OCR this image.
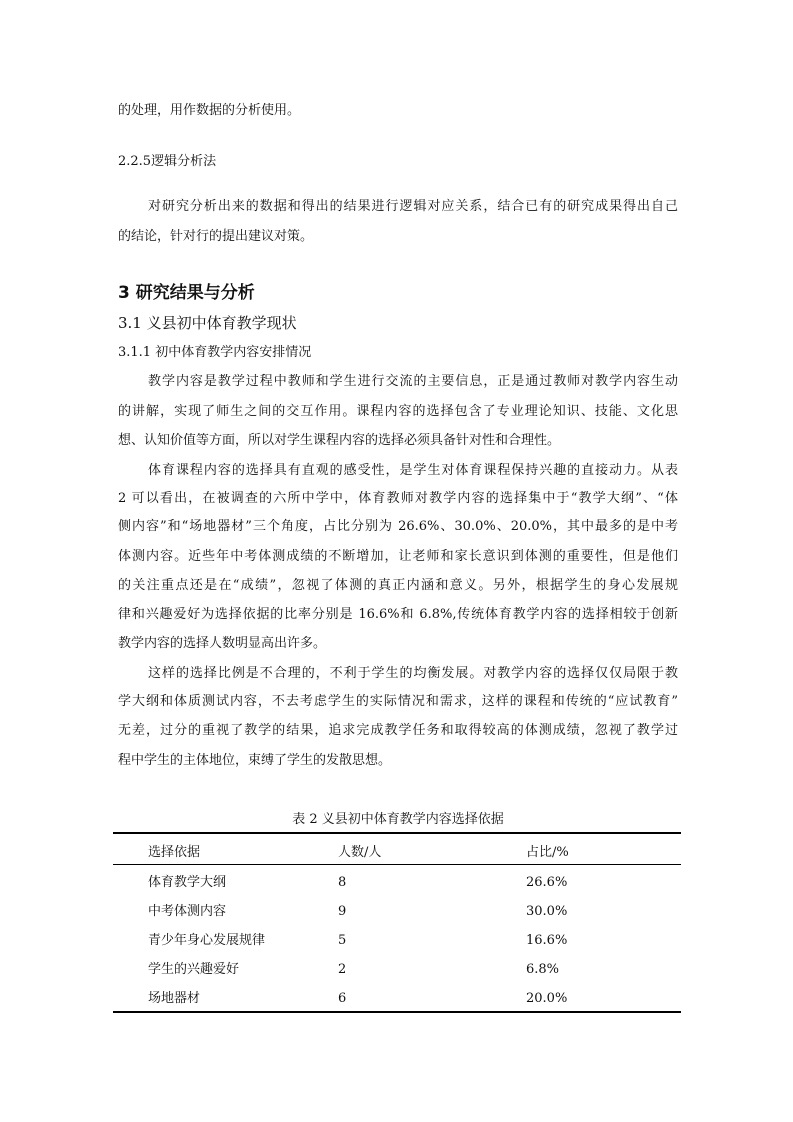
的处理，用作数据的分析使用。
2.2.5逻辑分析法
对研究分析出来的数据和得出的结果进行逻辑对应关系，结合已有的研究成果得出自己
的结论，针对行的提出建议对策。
3 研究结果与分析
3.1 义县初中体育教学现状
3.1.1 初中体育教学内容安排情况
教学内容是教学过程中教师和学生进行交流的主要信息，正是通过教师对教学内容生动
的讲解，实现了师生之间的交互作用。课程内容的选择包含了专业理论知识、技能、文化思
想、认知价值等方面，所以对学生课程内容的选择必须具备针对性和合理性。
体育课程内容的选择具有直观的感受性，是学生对体育课程保持兴趣的直接动力。从表
2 可以看出，在被调查的六所中学中，体育教师对教学内容的选择集中于“教学大纲”、“体
侧内容”和“场地器材”三个角度，占比分别为 26.6%、30.0%、20.0%，其中最多的是中考
体测内容。近些年中考体测成绩的不断增加，让老师和家长意识到体测的重要性，但是他们
的关注重点还是在“成绩”，忽视了体测的真正内涵和意义。另外，根据学生的身心发展规
律和兴趣爱好为选择依据的比率分别是 16.6%和 6.8%,传统体育教学内容的选择相较于创新
教学内容的选择人数明显高出许多。
这样的选择比例是不合理的，不利于学生的均衡发展。对教学内容的选择仅仅局限于教
学大纲和体质测试内容，不去考虑学生的实际情况和需求，这样的课程和传统的“应试教育”
无差，过分的重视了教学的结果，追求完成教学任务和取得较高的体测成绩，忽视了教学过
程中学生的主体地位，束缚了学生的发散思想。
表 2 义县初中体育教学内容选择依据
选择依据	人数/人	占比/%
体育教学大纲	8	26.6%
中考体测内容	9	30.0%
青少年身心发展规律	5	16.6%
学生的兴趣爱好	2	6.8%
场地器材	6	20.0%
